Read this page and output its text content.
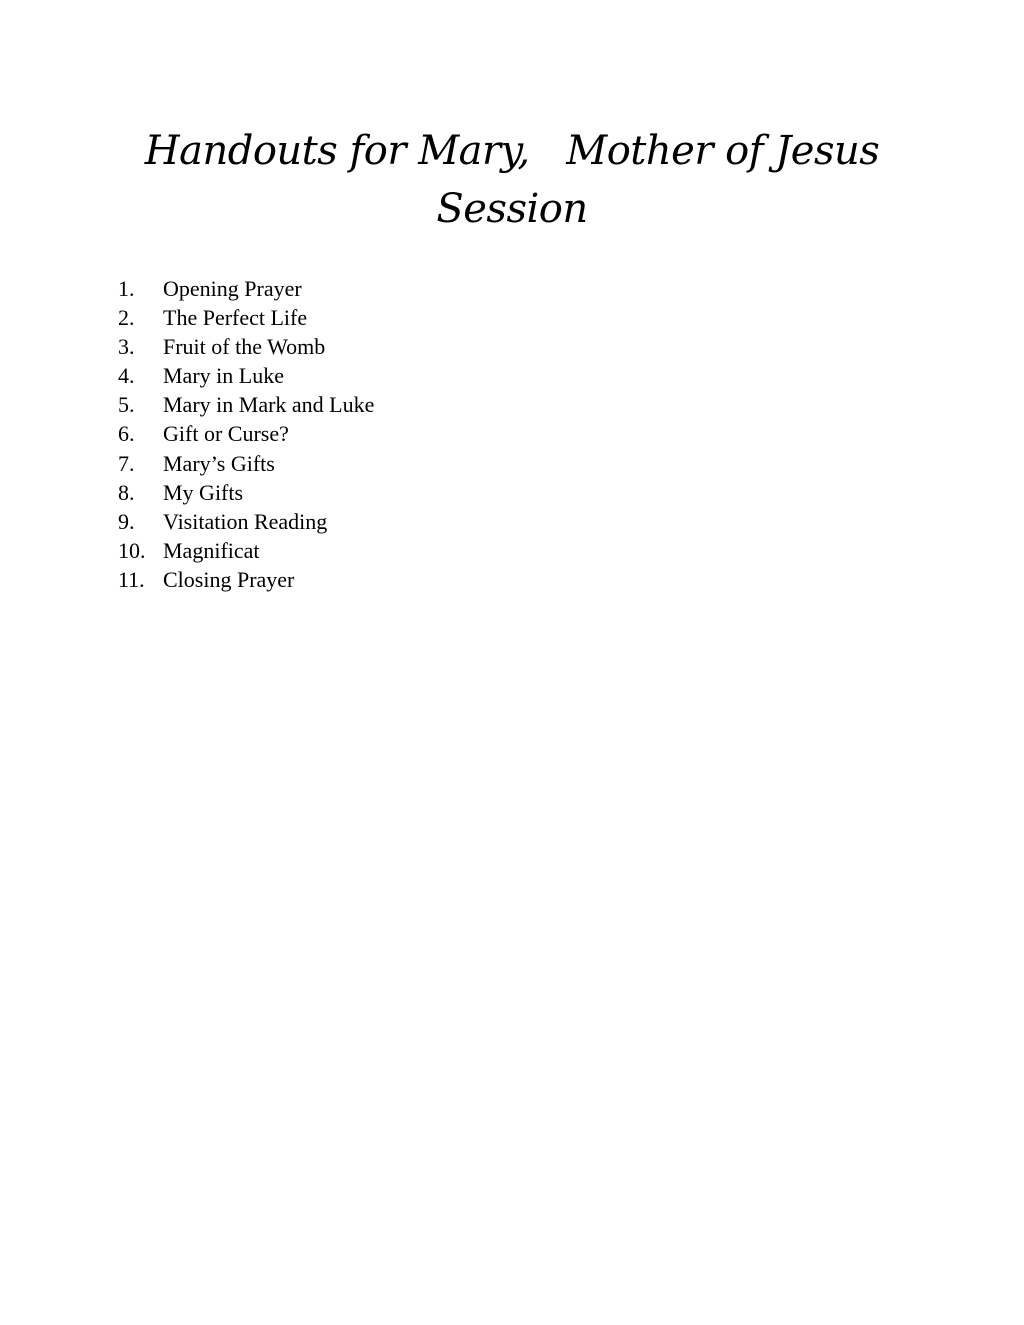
Handouts for Mary,   Mother of Jesus
Session
1. Opening Prayer
2. The Perfect Life
3. Fruit of the Womb
4. Mary in Luke
5. Mary in Mark and Luke
6. Gift or Curse?
7. Mary’s Gifts
8. My Gifts
9. Visitation Reading
10. Magnificat
11. Closing Prayer
